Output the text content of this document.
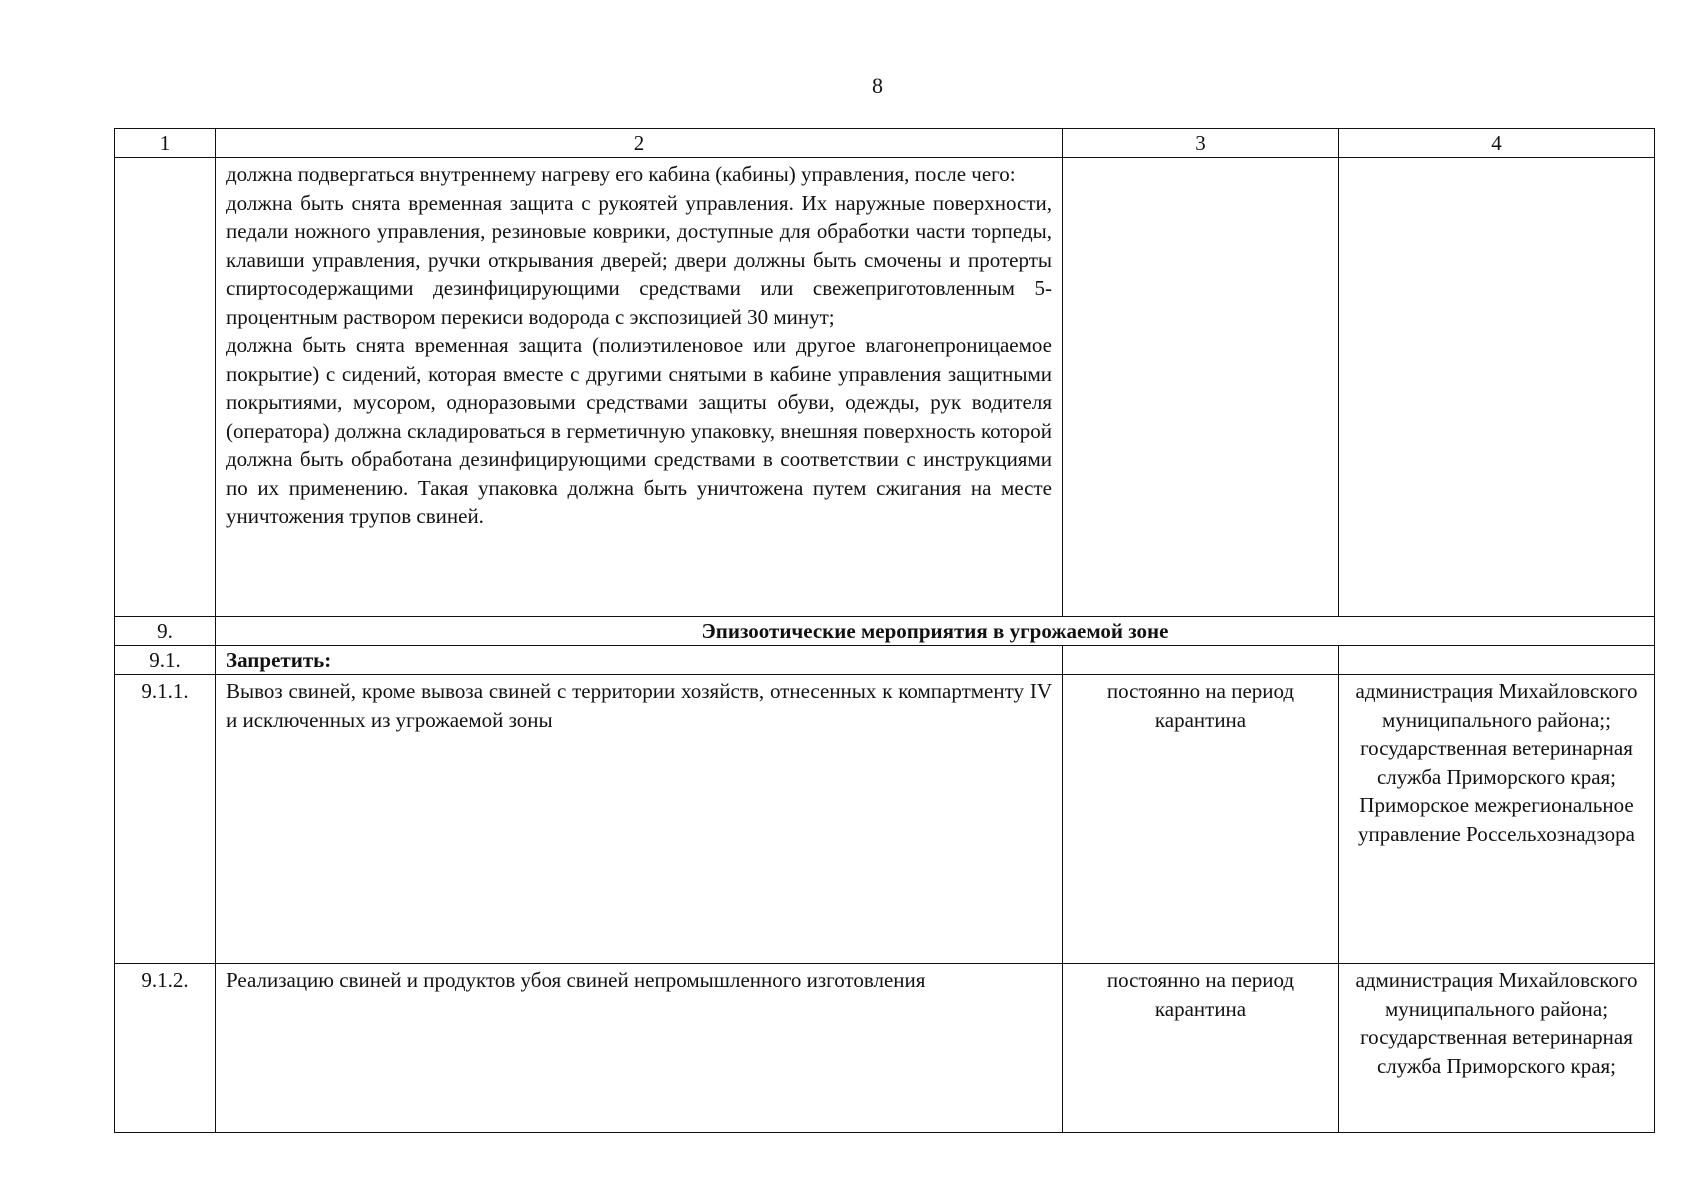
8
1	2	3	4

	должна подвергаться внутреннему нагреву его кабина (кабины) управления, после чего:
должна быть снята временная защита с рукоятей управления. Их наружные поверхности, педали ножного управления, резиновые коврики, доступные для обработки части торпеды, клавиши управления, ручки открывания дверей; двери должны быть смочены и протерты спиртосодержащими дезинфицирующими средствами или свежеприготовленным 5-процентным раствором перекиси водорода с экспозицией 30 минут;
должна быть снята временная защита (полиэтиленовое или другое влагонепроницаемое покрытие) с сидений, которая вместе с другими снятыми в кабине управления защитными покрытиями, мусором, одноразовыми средствами защиты обуви, одежды, рук водителя (оператора) должна складироваться в герметичную упаковку, внешняя поверхность которой должна быть обработана дезинфицирующими средствами в соответствии с инструкциями по их применению. Такая упаковка должна быть уничтожена путем сжигания на месте уничтожения трупов свиней.		

9.	Эпизоотические мероприятия в угрожаемой зоне		
9.1.	Запретить:		
9.1.1.	Вывоз свиней, кроме вывоза свиней с территории хозяйств, отнесенных к компартменту IV и исключенных из угрожаемой зоны	постоянно на период карантина	администрация Михайловского муниципального района;; государственная ветеринарная служба Приморского края; Приморское межрегиональное управление Россельхознадзора
9.1.2.	Реализацию свиней и продуктов убоя свиней непромышленного изготовления	постоянно на период карантина	администрация Михайловского муниципального района; государственная ветеринарная служба Приморского края;
